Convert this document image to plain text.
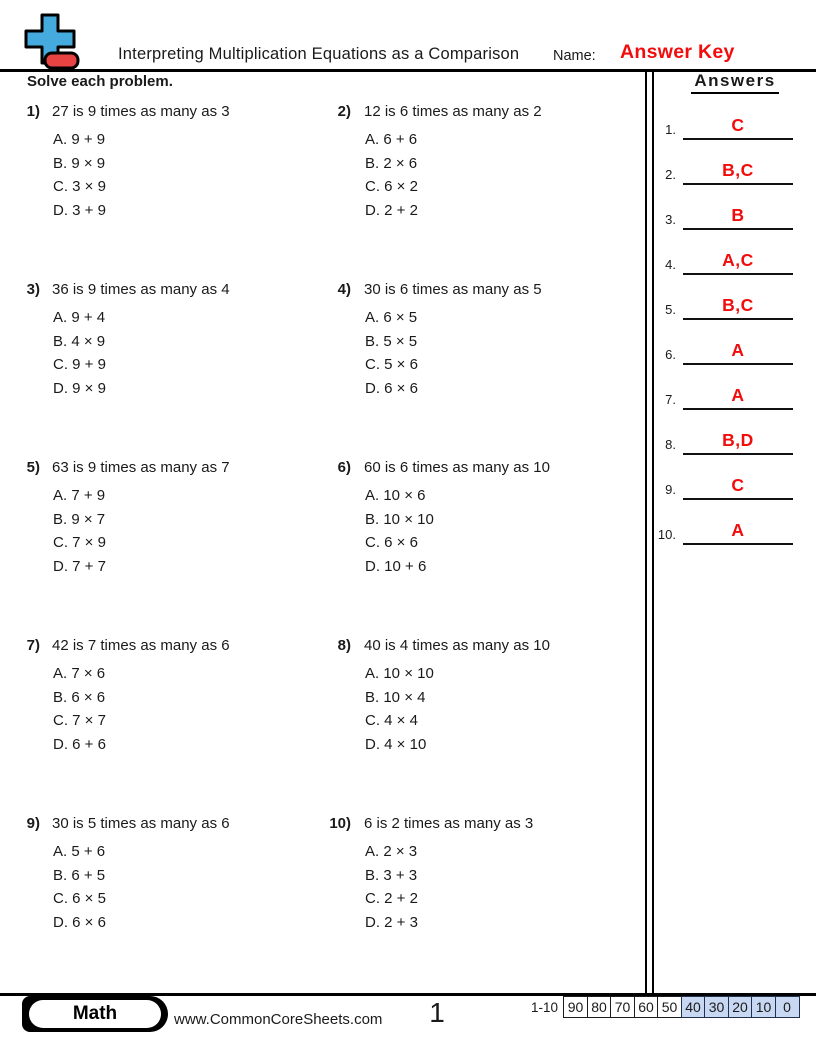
Interpreting Multiplication Equations as a Comparison Name: Answer Key
Solve each problem.	Answers
1.	C
2.	B,C
3.	B
4.	A,C
5.	B,C
6.	A
7.	A
8.	B,D
9.	C
10.	A
1) 27 is 9 times as many as 3
A. 9 + 9
B. 9 × 9
C. 3 × 9
D. 3 + 9
2) 12 is 6 times as many as 2
A. 6 + 6
B. 2 × 6
C. 6 × 2
D. 2 + 2
3) 36 is 9 times as many as 4
A. 9 + 4
B. 4 × 9
C. 9 + 9
D. 9 × 9
4) 30 is 6 times as many as 5
A. 6 × 5
B. 5 × 5
C. 5 × 6
D. 6 × 6
5) 63 is 9 times as many as 7
A. 7 + 9
B. 9 × 7
C. 7 × 9
D. 7 + 7
6) 60 is 6 times as many as 10
A. 10 × 6
B. 10 × 10
C. 6 × 6
D. 10 + 6
7) 42 is 7 times as many as 6
A. 7 × 6
B. 6 × 6
C. 7 × 7
D. 6 + 6
8) 40 is 4 times as many as 10
A. 10 × 10
B. 10 × 4
C. 4 × 4
D. 4 × 10
9) 30 is 5 times as many as 6
A. 5 + 6
B. 6 + 5
C. 6 × 5
D. 6 × 6
10) 6 is 2 times as many as 3
A. 2 × 3
B. 3 + 3
C. 2 + 2
D. 2 + 3
Math	www.CommonCoreSheets.com	1	1-10 90 80 70 60 50 40 30 20 10 0
